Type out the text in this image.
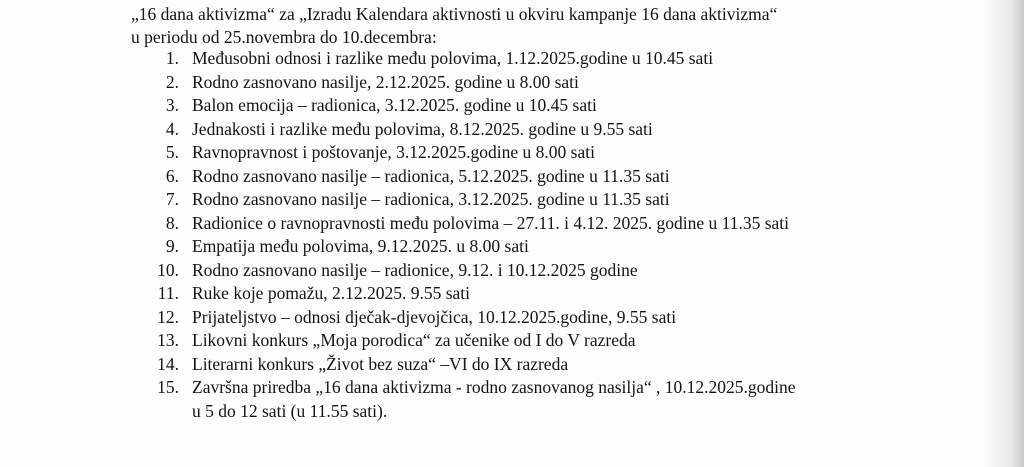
„16 dana aktivizma“ za „Izradu Kalendara aktivnosti u okviru kampanje 16 dana aktivizma“
u periodu od 25.novembra do 10.decembra:
1. Međusobni odnosi i razlike među polovima, 1.12.2025.godine u 10.45 sati
2. Rodno zasnovano nasilje, 2.12.2025. godine u 8.00 sati
3. Balon emocija – radionica, 3.12.2025. godine u 10.45 sati
4. Jednakosti i razlike među polovima, 8.12.2025. godine u 9.55 sati
5. Ravnopravnost i poštovanje, 3.12.2025.godine u 8.00 sati
6. Rodno zasnovano nasilje – radionica, 5.12.2025. godine u 11.35 sati
7. Rodno zasnovano nasilje – radionica, 3.12.2025. godine u 11.35 sati
8. Radionice o ravnopravnosti među polovima – 27.11. i 4.12. 2025. godine u 11.35 sati
9. Empatija među polovima, 9.12.2025. u 8.00 sati
10. Rodno zasnovano nasilje – radionice, 9.12. i 10.12.2025 godine
11. Ruke koje pomažu, 2.12.2025. 9.55 sati
12. Prijateljstvo – odnosi dječak-djevojčica, 10.12.2025.godine, 9.55 sati
13. Likovni konkurs „Moja porodica“ za učenike od I do V razreda
14. Literarni konkurs „Život bez suza“ –VI do IX razreda
15. Završna priredba „16 dana aktivizma - rodno zasnovanog nasilja“ , 10.12.2025.godine
u 5 do 12 sati (u 11.55 sati).
